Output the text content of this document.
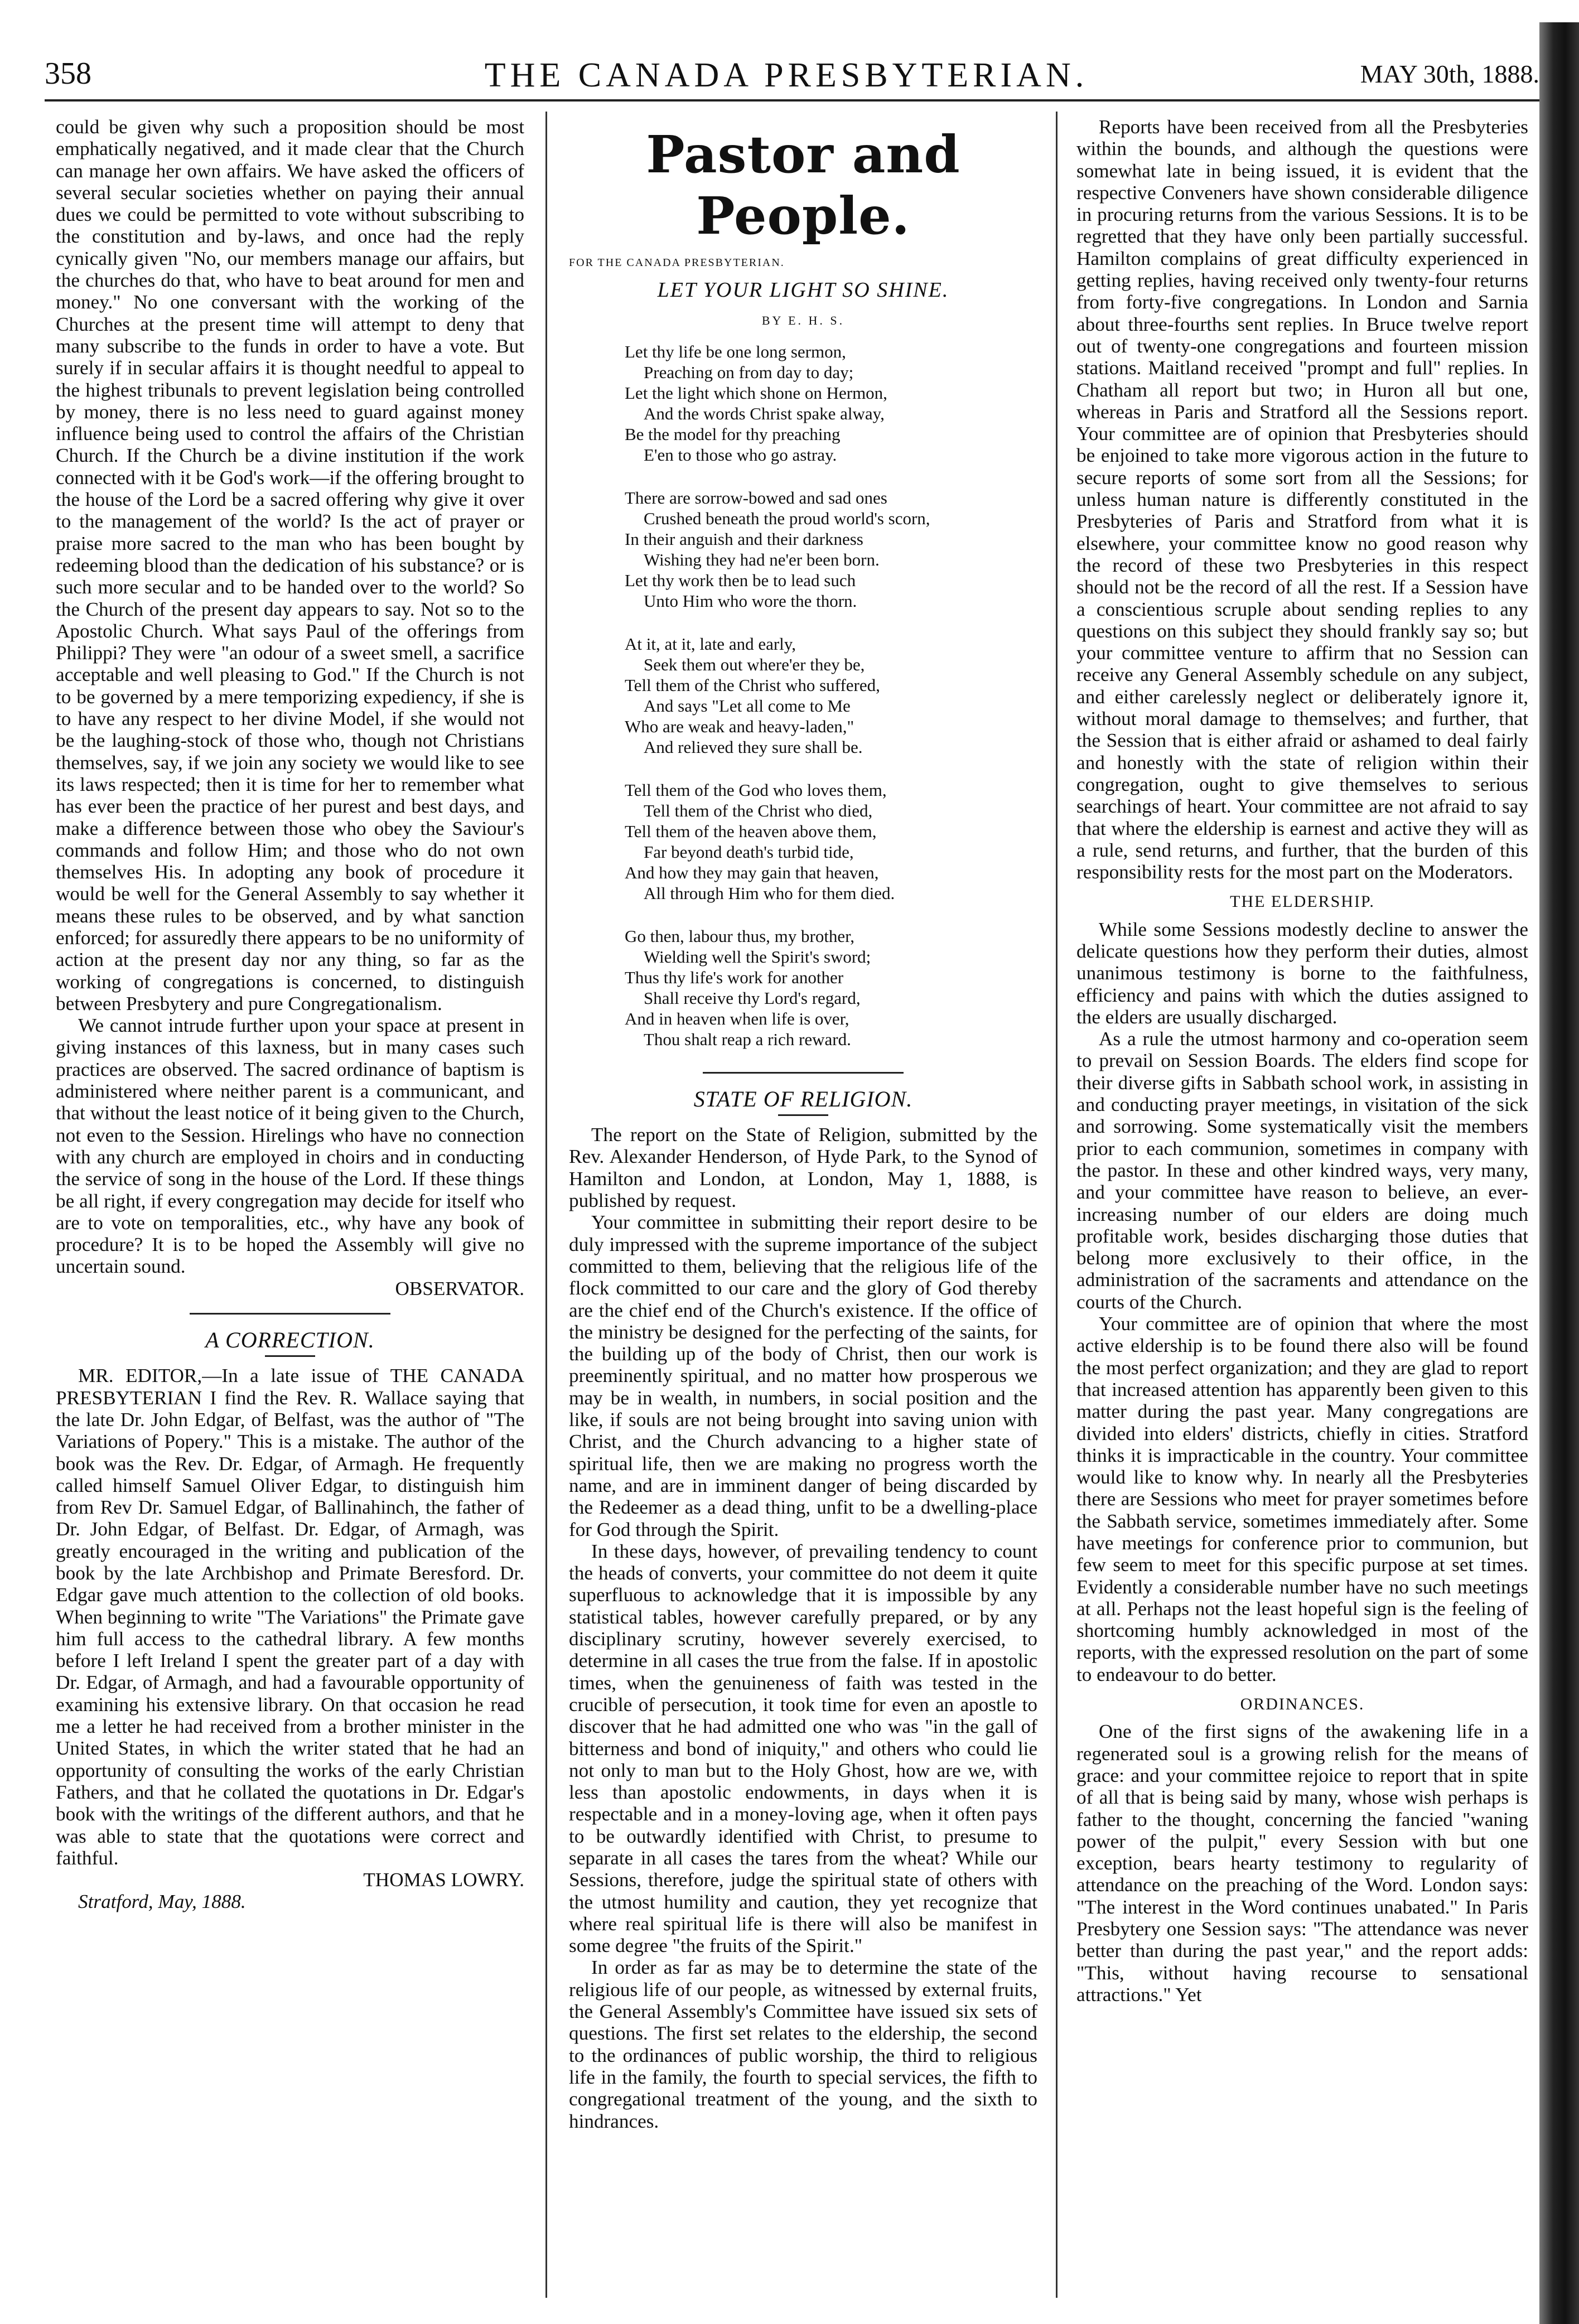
358	THE CANADA PRESBYTERIAN.	MAY 30th, 1888.

could be given why such a proposition should be most emphatically negatived, and it made clear that the Church can manage her own affairs. We have asked the officers of several secular societies whether on paying their annual dues we could be permitted to vote without subscribing to the constitution and by-laws, and once had the reply cynically given "No, our members manage our affairs, but the churches do that, who have to beat around for men and money." No one conversant with the working of the Churches at the present time will attempt to deny that many subscribe to the funds in order to have a vote. But surely if in secular affairs it is thought needful to appeal to the highest tribunals to prevent legislation being controlled by money, there is no less need to guard against money influence being used to control the affairs of the Christian Church. If the Church be a divine institution if the work connected with it be God's work—if the offering brought to the house of the Lord be a sacred offering why give it over to the management of the world? Is the act of prayer or praise more sacred to the man who has been bought by redeeming blood than the dedication of his substance? or is such more secular and to be handed over to the world? So the Church of the present day appears to say. Not so to the Apostolic Church. What says Paul of the offerings from Philippi? They were "an odour of a sweet smell, a sacrifice acceptable and well pleasing to God." If the Church is not to be governed by a mere temporizing expediency, if she is to have any respect to her divine Model, if she would not be the laughing-stock of those who, though not Christians themselves, say, if we join any society we would like to see its laws respected; then it is time for her to remember what has ever been the practice of her purest and best days, and make a difference between those who obey the Saviour's commands and follow Him; and those who do not own themselves His. In adopting any book of procedure it would be well for the General Assembly to say whether it means these rules to be observed, and by what sanction enforced; for assuredly there appears to be no uniformity of action at the present day nor any thing, so far as the working of congregations is concerned, to distinguish between Presbytery and pure Congregationalism.

We cannot intrude further upon your space at present in giving instances of this laxness, but in many cases such practices are observed. The sacred ordinance of baptism is administered where neither parent is a communicant, and that without the least notice of it being given to the Church, not even to the Session. Hirelings who have no connection with any church are employed in choirs and in conducting the service of song in the house of the Lord. If these things be all right, if every congregation may decide for itself who are to vote on temporalities, etc., why have any book of procedure? It is to be hoped the Assembly will give no uncertain sound.

OBSERVATOR.
A CORRECTION.

MR. EDITOR,—In a late issue of THE CANADA PRESBYTERIAN I find the Rev. R. Wallace saying that the late Dr. John Edgar, of Belfast, was the author of "The Variations of Popery." This is a mistake. The author of the book was the Rev. Dr. Edgar, of Armagh. He frequently called himself Samuel Oliver Edgar, to distinguish him from Rev Dr. Samuel Edgar, of Ballinahinch, the father of Dr. John Edgar, of Belfast. Dr. Edgar, of Armagh, was greatly encouraged in the writing and publication of the book by the late Archbishop and Primate Beresford. Dr. Edgar gave much attention to the collection of old books. When beginning to write "The Variations" the Primate gave him full access to the cathedral library. A few months before I left Ireland I spent the greater part of a day with Dr. Edgar, of Armagh, and had a favourable opportunity of examining his extensive library. On that occasion he read me a letter he had received from a brother minister in the United States, in which the writer stated that he had an opportunity of consulting the works of the early Christian Fathers, and that he collated the quotations in Dr. Edgar's book with the writings of the different authors, and that he was able to state that the quotations were correct and faithful.

THOMAS LOWRY.

Stratford, May, 1888.

Pastor and People.

FOR THE CANADA PRESBYTERIAN.

LET YOUR LIGHT SO SHINE.
BY E. H. S.
Let thy life be one long sermon,
Preaching on from day to day;
Let the light which shone on Hermon,
And the words Christ spake alway,
Be the model for thy preaching
E'en to those who go astray.
There are sorrow-bowed and sad ones
Crushed beneath the proud world's scorn,
In their anguish and their darkness
Wishing they had ne'er been born.
Let thy work then be to lead such
Unto Him who wore the thorn.
At it, at it, late and early,
Seek them out where'er they be,
Tell them of the Christ who suffered,
And says "Let all come to Me
Who are weak and heavy-laden,"
And relieved they sure shall be.
Tell them of the God who loves them,
Tell them of the Christ who died,
Tell them of the heaven above them,
Far beyond death's turbid tide,
And how they may gain that heaven,
All through Him who for them died.
Go then, labour thus, my brother,
Wielding well the Spirit's sword;
Thus thy life's work for another
Shall receive thy Lord's regard,
And in heaven when life is over,
Thou shalt reap a rich reward.
STATE OF RELIGION.

The report on the State of Religion, submitted by the Rev. Alexander Henderson, of Hyde Park, to the Synod of Hamilton and London, at London, May 1, 1888, is published by request.

Your committee in submitting their report desire to be duly impressed with the supreme importance of the subject committed to them, believing that the religious life of the flock committed to our care and the glory of God thereby are the chief end of the Church's existence. If the office of the ministry be designed for the perfecting of the saints, for the building up of the body of Christ, then our work is preeminently spiritual, and no matter how prosperous we may be in wealth, in numbers, in social position and the like, if souls are not being brought into saving union with Christ, and the Church advancing to a higher state of spiritual life, then we are making no progress worth the name, and are in imminent danger of being discarded by the Redeemer as a dead thing, unfit to be a dwelling-place for God through the Spirit.

In these days, however, of prevailing tendency to count the heads of converts, your committee do not deem it quite superfluous to acknowledge that it is impossible by any statistical tables, however carefully prepared, or by any disciplinary scrutiny, however severely exercised, to determine in all cases the true from the false. If in apostolic times, when the genuineness of faith was tested in the crucible of persecution, it took time for even an apostle to discover that he had admitted one who was "in the gall of bitterness and bond of iniquity," and others who could lie not only to man but to the Holy Ghost, how are we, with less than apostolic endowments, in days when it is respectable and in a money-loving age, when it often pays to be outwardly identified with Christ, to presume to separate in all cases the tares from the wheat? While our Sessions, therefore, judge the spiritual state of others with the utmost humility and caution, they yet recognize that where real spiritual life is there will also be manifest in some degree "the fruits of the Spirit."

In order as far as may be to determine the state of the religious life of our people, as witnessed by external fruits, the General Assembly's Committee have issued six sets of questions. The first set relates to the eldership, the second to the ordinances of public worship, the third to religious life in the family, the fourth to special services, the fifth to congregational treatment of the young, and the sixth to hindrances.

Reports have been received from all the Presbyteries within the bounds, and although the questions were somewhat late in being issued, it is evident that the respective Conveners have shown considerable diligence in procuring returns from the various Sessions. It is to be regretted that they have only been partially successful. Hamilton complains of great difficulty experienced in getting replies, having received only twenty-four returns from forty-five congregations. In London and Sarnia about three-fourths sent replies. In Bruce twelve report out of twenty-one congregations and fourteen mission stations. Maitland received "prompt and full" replies. In Chatham all report but two; in Huron all but one, whereas in Paris and Stratford all the Sessions report. Your committee are of opinion that Presbyteries should be enjoined to take more vigorous action in the future to secure reports of some sort from all the Sessions; for unless human nature is differently constituted in the Presbyteries of Paris and Stratford from what it is elsewhere, your committee know no good reason why the record of these two Presbyteries in this respect should not be the record of all the rest. If a Session have a conscientious scruple about sending replies to any questions on this subject they should frankly say so; but your committee venture to affirm that no Session can receive any General Assembly schedule on any subject, and either carelessly neglect or deliberately ignore it, without moral damage to themselves; and further, that the Session that is either afraid or ashamed to deal fairly and honestly with the state of religion within their congregation, ought to give themselves to serious searchings of heart. Your committee are not afraid to say that where the eldership is earnest and active they will as a rule, send returns, and further, that the burden of this responsibility rests for the most part on the Moderators.

THE ELDERSHIP.

While some Sessions modestly decline to answer the delicate questions how they perform their duties, almost unanimous testimony is borne to the faithfulness, efficiency and pains with which the duties assigned to the elders are usually discharged.

As a rule the utmost harmony and co-operation seem to prevail on Session Boards. The elders find scope for their diverse gifts in Sabbath school work, in assisting in and conducting prayer meetings, in visitation of the sick and sorrowing. Some systematically visit the members prior to each communion, sometimes in company with the pastor. In these and other kindred ways, very many, and your committee have reason to believe, an ever-increasing number of our elders are doing much profitable work, besides discharging those duties that belong more exclusively to their office, in the administration of the sacraments and attendance on the courts of the Church.

Your committee are of opinion that where the most active eldership is to be found there also will be found the most perfect organization; and they are glad to report that increased attention has apparently been given to this matter during the past year. Many congregations are divided into elders' districts, chiefly in cities. Stratford thinks it is impracticable in the country. Your committee would like to know why. In nearly all the Presbyteries there are Sessions who meet for prayer sometimes before the Sabbath service, sometimes immediately after. Some have meetings for conference prior to communion, but few seem to meet for this specific purpose at set times. Evidently a considerable number have no such meetings at all. Perhaps not the least hopeful sign is the feeling of shortcoming humbly acknowledged in most of the reports, with the expressed resolution on the part of some to endeavour to do better.

ORDINANCES.

One of the first signs of the awakening life in a regenerated soul is a growing relish for the means of grace: and your committee rejoice to report that in spite of all that is being said by many, whose wish perhaps is father to the thought, concerning the fancied "waning power of the pulpit," every Session with but one exception, bears hearty testimony to regularity of attendance on the preaching of the Word. London says: "The interest in the Word continues unabated." In Paris Presbytery one Session says: "The attendance was never better than during the past year," and the report adds: "This, without having recourse to sensational attractions." Yet
